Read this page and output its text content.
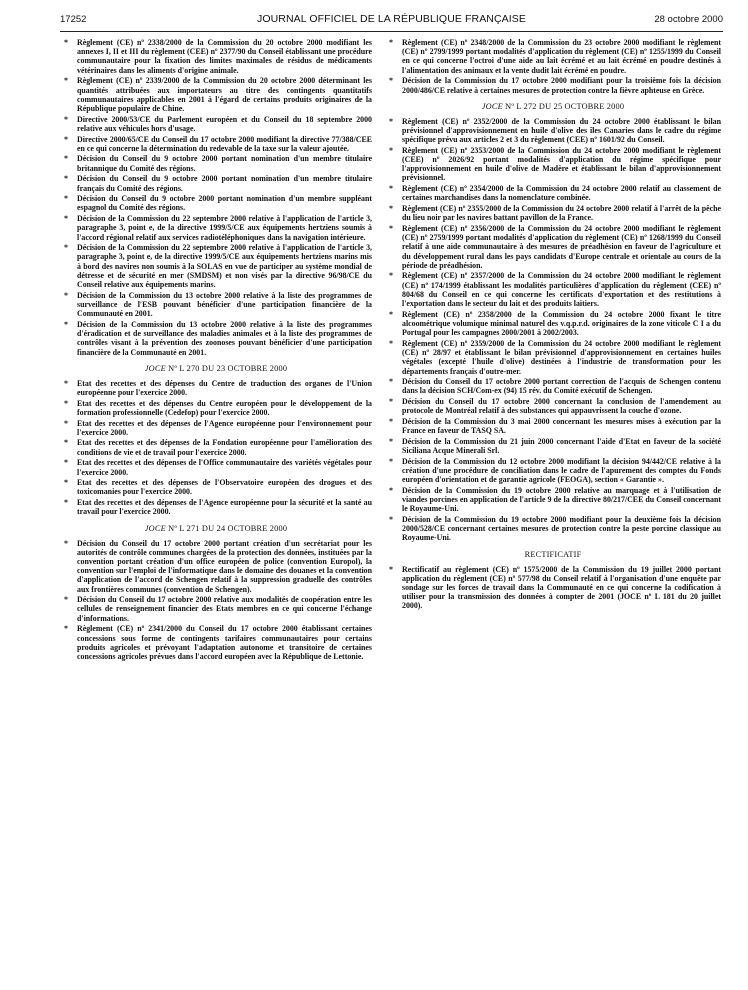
17252	JOURNAL OFFICIEL DE LA RÉPUBLIQUE FRANÇAISE	28 octobre 2000
* Règlement (CE) nº 2338/2000 de la Commission du 20 octobre 2000 modifiant les annexes I, II et III du règlement (CEE) nº 2377/90 du Conseil établissant une procédure communautaire pour la fixation des limites maximales de résidus de médicaments vétérinaires dans les aliments d'origine animale.
* Règlement (CE) nº 2339/2000 de la Commission du 20 octobre 2000 déterminant les quantités attribuées aux importateurs au titre des contingents quantitatifs communautaires applicables en 2001 à l'égard de certains produits originaires de la République populaire de Chine.
* Directive 2000/53/CE du Parlement européen et du Conseil du 18 septembre 2000 relative aux véhicules hors d'usage.
* Directive 2000/65/CE du Conseil du 17 octobre 2000 modifiant la directive 77/388/CEE en ce qui concerne la détermination du redevable de la taxe sur la valeur ajoutée.
* Décision du Conseil du 9 octobre 2000 portant nomination d'un membre titulaire britannique du Comité des régions.
* Décision du Conseil du 9 octobre 2000 portant nomination d'un membre titulaire français du Comité des régions.
* Décision du Conseil du 9 octobre 2000 portant nomination d'un membre suppléant espagnol du Comité des régions.
* Décision de la Commission du 22 septembre 2000 relative à l'application de l'article 3, paragraphe 3, point e, de la directive 1999/5/CE aux équipements hertziens soumis à l'accord régional relatif aux services radiotéléphoniques dans la navigation intérieure.
* Décision de la Commission du 22 septembre 2000 relative à l'application de l'article 3, paragraphe 3, point e, de la directive 1999/5/CE aux équipements hertziens marins mis à bord des navires non soumis à la SOLAS en vue de participer au système mondial de détresse et de sécurité en mer (SMDSM) et non visés par la directive 96/98/CE du Conseil relative aux équipements marins.
* Décision de la Commission du 13 octobre 2000 relative à la liste des programmes de surveillance de l'ESB pouvant bénéficier d'une participation financière de la Communauté en 2001.
* Décision de la Commission du 13 octobre 2000 relative à la liste des programmes d'éradication et de surveillance des maladies animales et à la liste des programmes de contrôles visant à la prévention des zoonoses pouvant bénéficier d'une participation financière de la Communauté en 2001.
JOCE Nº L 270 DU 23 OCTOBRE 2000
* Etat des recettes et des dépenses du Centre de traduction des organes de l'Union européenne pour l'exercice 2000.
* Etat des recettes et des dépenses du Centre européen pour le développement de la formation professionnelle (Cedefop) pour l'exercice 2000.
* Etat des recettes et des dépenses de l'Agence européenne pour l'environnement pour l'exercice 2000.
* Etat des recettes et des dépenses de la Fondation européenne pour l'amélioration des conditions de vie et de travail pour l'exercice 2000.
* Etat des recettes et des dépenses de l'Office communautaire des variétés végétales pour l'exercice 2000.
* Etat des recettes et des dépenses de l'Observatoire européen des drogues et des toxicomanies pour l'exercice 2000.
* Etat des recettes et des dépenses de l'Agence européenne pour la sécurité et la santé au travail pour l'exercice 2000.
JOCE Nº L 271 DU 24 OCTOBRE 2000
* Décision du Conseil du 17 octobre 2000 portant création d'un secrétariat pour les autorités de contrôle communes chargées de la protection des données, instituées par la convention portant création d'un office européen de police (convention Europol), la convention sur l'emploi de l'informatique dans le domaine des douanes et la convention d'application de l'accord de Schengen relatif à la suppression graduelle des contrôles aux frontières communes (convention de Schengen).
* Décision du Conseil du 17 octobre 2000 relative aux modalités de coopération entre les cellules de renseignement financier des Etats membres en ce qui concerne l'échange d'informations.
* Règlement (CE) nº 2341/2000 du Conseil du 17 octobre 2000 établissant certaines concessions sous forme de contingents tarifaires communautaires pour certains produits agricoles et prévoyant l'adaptation autonome et transitoire de certaines concessions agricoles prévues dans l'accord européen avec la République de Lettonie.
* Règlement (CE) nº 2348/2000 de la Commission du 23 octobre 2000 modifiant le règlement (CE) nº 2799/1999 portant modalités d'application du règlement (CE) nº 1255/1999 du Conseil en ce qui concerne l'octroi d'une aide au lait écrémé et au lait écrémé en poudre destinés à l'alimentation des animaux et la vente dudit lait écrémé en poudre.
* Décision de la Commission du 17 octobre 2000 modifiant pour la troisième fois la décision 2000/486/CE relative à certaines mesures de protection contre la fièvre aphteuse en Grèce.
JOCE Nº L 272 DU 25 OCTOBRE 2000
* Règlement (CE) nº 2352/2000 de la Commission du 24 octobre 2000 établissant le bilan prévisionnel d'approvisionnement en huile d'olive des îles Canaries dans le cadre du régime spécifique prévu aux articles 2 et 3 du règlement (CEE) nº 1601/92 du Conseil.
* Règlement (CE) nº 2353/2000 de la Commission du 24 octobre 2000 modifiant le règlement (CEE) nº 2026/92 portant modalités d'application du régime spécifique pour l'approvisionnement en huile d'olive de Madère et établissant le bilan d'approvisionnement prévisionnel.
* Règlement (CE) nº 2354/2000 de la Commission du 24 octobre 2000 relatif au classement de certaines marchandises dans la nomenclature combinée.
* Règlement (CE) nº 2355/2000 de la Commission du 24 octobre 2000 relatif à l'arrêt de la pêche du lieu noir par les navires battant pavillon de la France.
* Règlement (CE) nº 2356/2000 de la Commission du 24 octobre 2000 modifiant le règlement (CE) nº 2759/1999 portant modalités d'application du règlement (CE) nº 1268/1999 du Conseil relatif à une aide communautaire à des mesures de préadhésion en faveur de l'agriculture et du développement rural dans les pays candidats d'Europe centrale et orientale au cours de la période de préadhésion.
* Règlement (CE) nº 2357/2000 de la Commission du 24 octobre 2000 modifiant le règlement (CE) nº 174/1999 établissant les modalités particulières d'application du règlement (CEE) nº 804/68 du Conseil en ce qui concerne les certificats d'exportation et des restitutions à l'exportation dans le secteur du lait et des produits laitiers.
* Règlement (CE) nº 2358/2000 de la Commission du 24 octobre 2000 fixant le titre alcoométrique volumique minimal naturel des v.q.p.r.d. originaires de la zone viticole C I a du Portugal pour les campagnes 2000/2001 à 2002/2003.
* Règlement (CE) nº 2359/2000 de la Commission du 24 octobre 2000 modifiant le règlement (CE) nº 28/97 et établissant le bilan prévisionnel d'approvisionnement en certaines huiles végétales (excepté l'huile d'olive) destinées à l'industrie de transformation pour les départements français d'outre-mer.
* Décision du Conseil du 17 octobre 2000 portant correction de l'acquis de Schengen contenu dans la décision SCH/Com-ex (94) 15 rév. du Comité exécutif de Schengen.
* Décision du Conseil du 17 octobre 2000 concernant la conclusion de l'amendement au protocole de Montréal relatif à des substances qui appauvrissent la couche d'ozone.
* Décision de la Commission du 3 mai 2000 concernant les mesures mises à exécution par la France en faveur de TASQ SA.
* Décision de la Commission du 21 juin 2000 concernant l'aide d'Etat en faveur de la société Siciliana Acque Minerali Srl.
* Décision de la Commission du 12 octobre 2000 modifiant la décision 94/442/CE relative à la création d'une procédure de conciliation dans le cadre de l'apurement des comptes du Fonds européen d'orientation et de garantie agricole (FEOGA), section « Garantie ».
* Décision de la Commission du 19 octobre 2000 relative au marquage et à l'utilisation de viandes porcines en application de l'article 9 de la directive 80/217/CEE du Conseil concernant le Royaume-Uni.
* Décision de la Commission du 19 octobre 2000 modifiant pour la deuxième fois la décision 2000/528/CE concernant certaines mesures de protection contre la peste porcine classique au Royaume-Uni.
RECTIFICATIF
* Rectificatif au règlement (CE) nº 1575/2000 de la Commission du 19 juillet 2000 portant application du règlement (CE) nº 577/98 du Conseil relatif à l'organisation d'une enquête par sondage sur les forces de travail dans la Communauté en ce qui concerne la codification à utiliser pour la transmission des données à compter de 2001 (JOCE nº L 181 du 20 juillet 2000).
